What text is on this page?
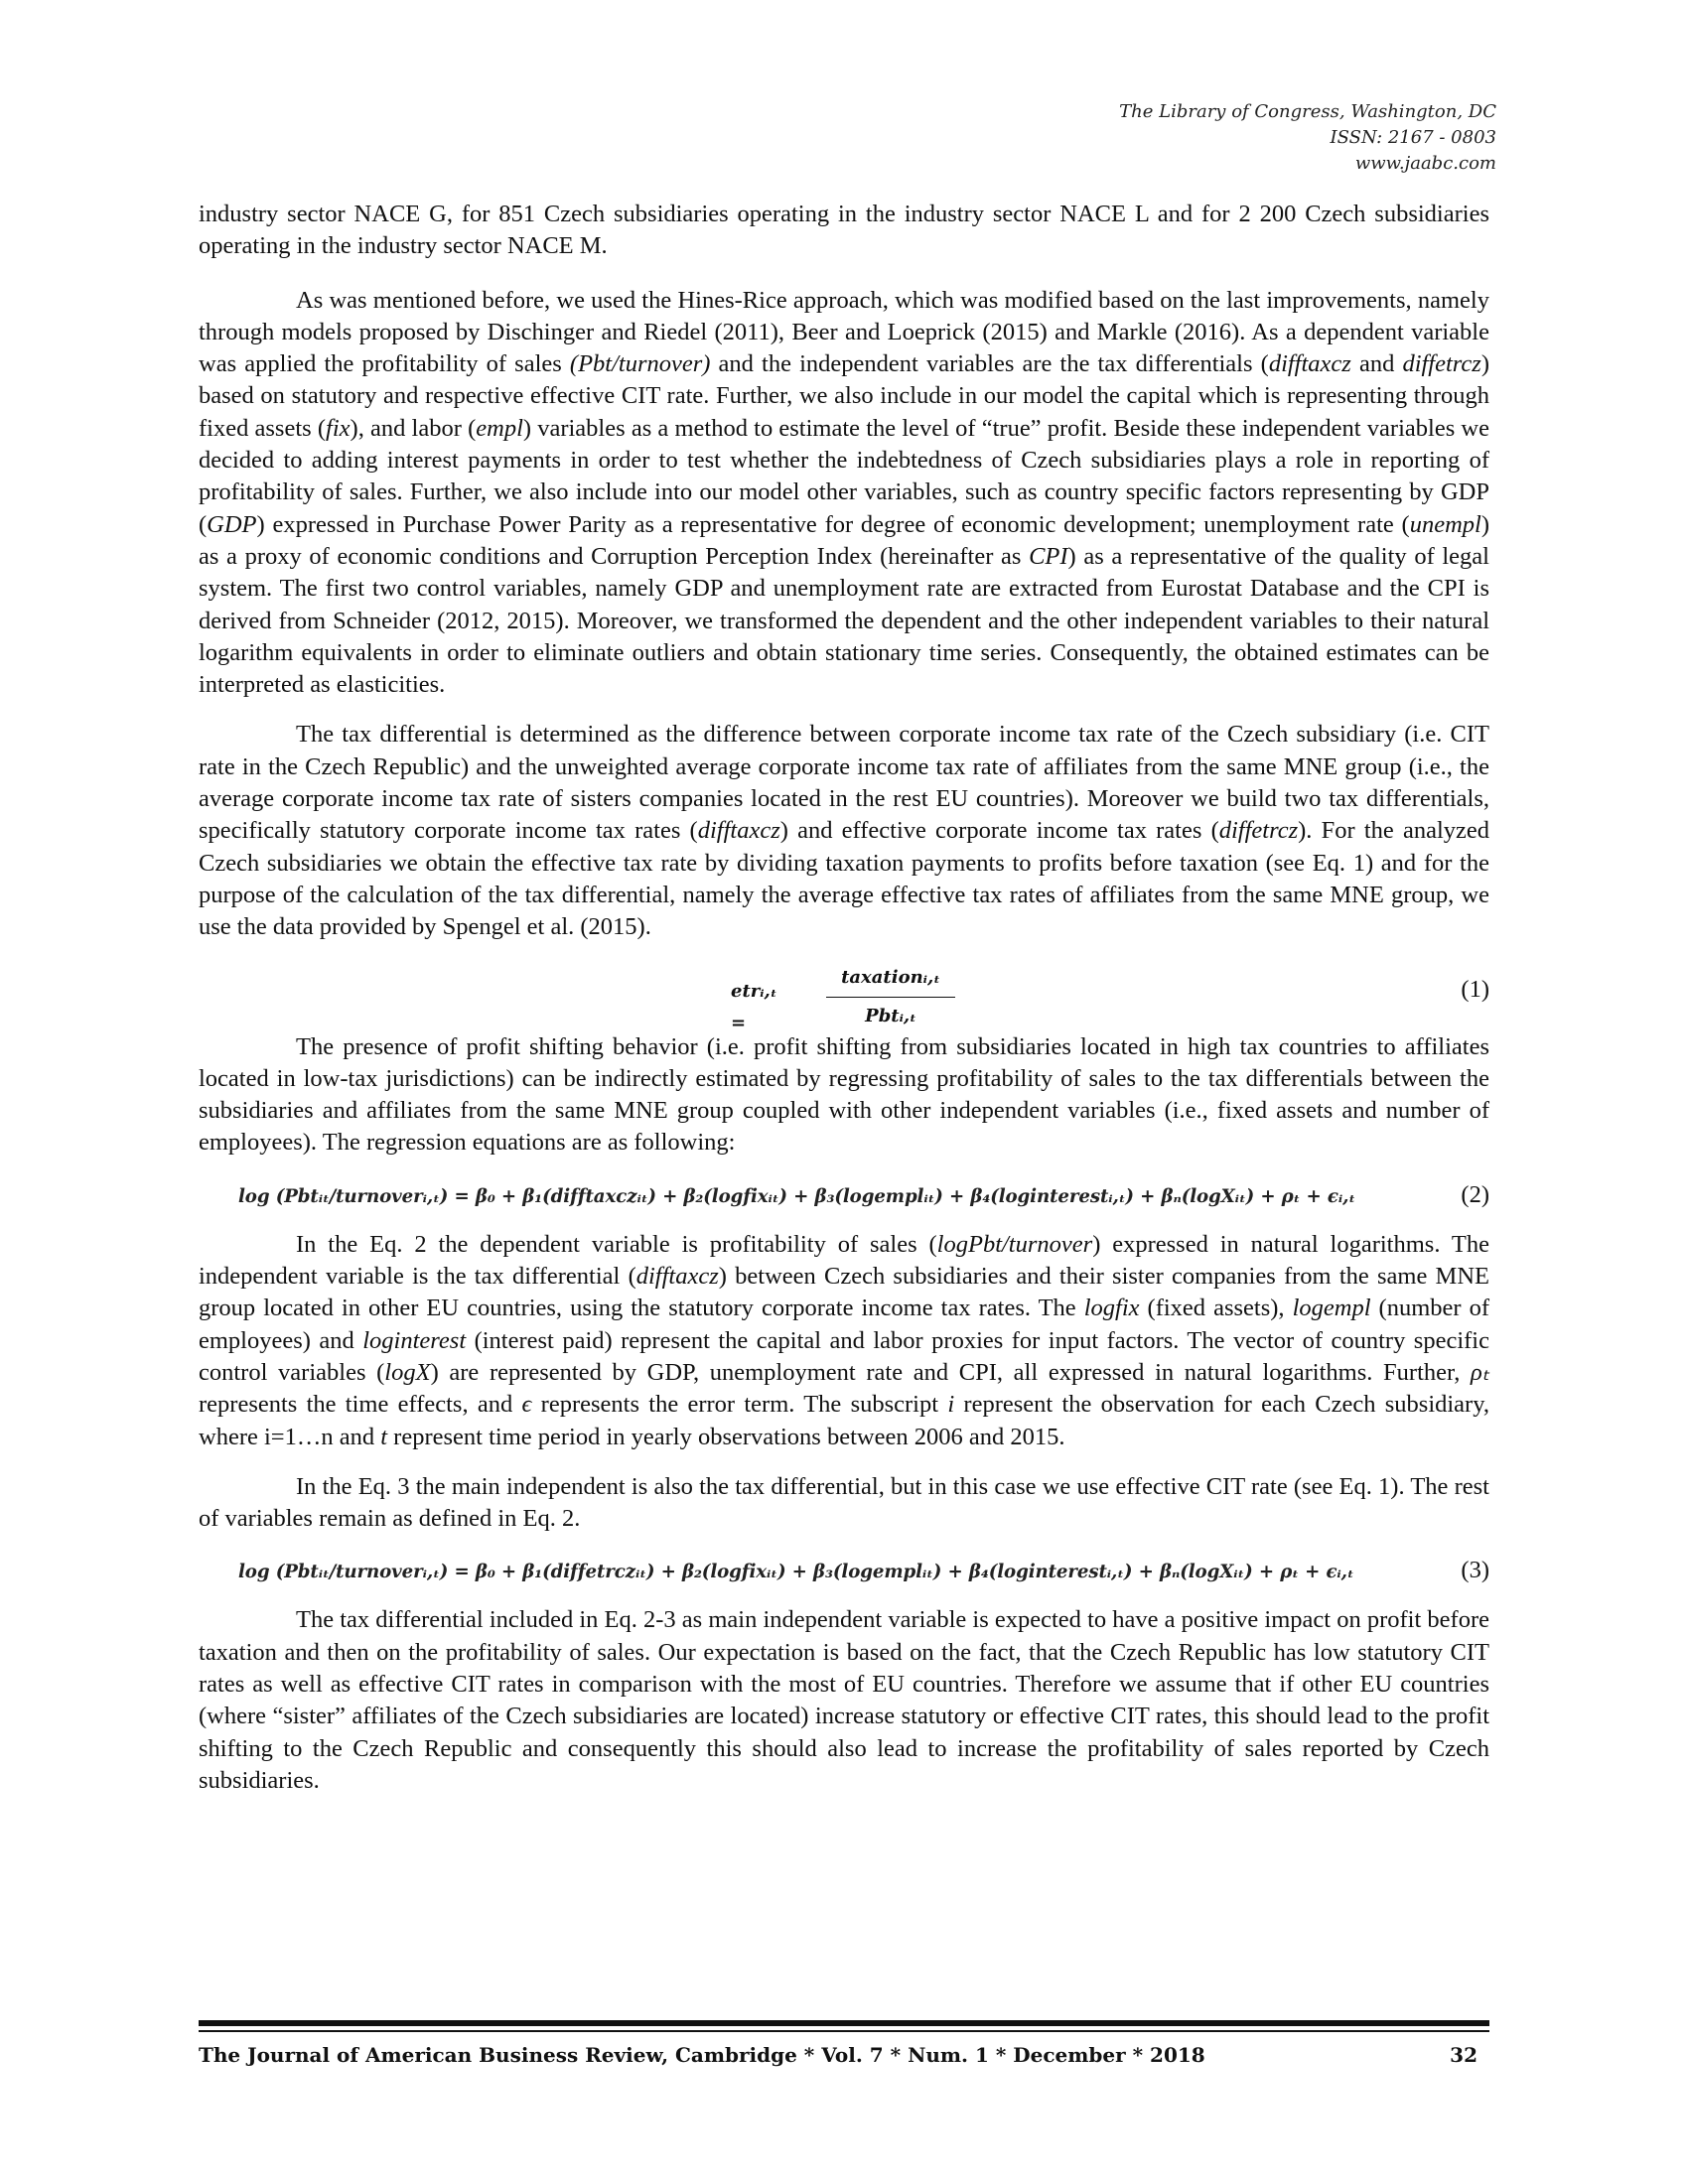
The Library of Congress, Washington, DC
ISSN: 2167 - 0803
www.jaabc.com

industry sector NACE G, for 851 Czech subsidiaries operating in the industry sector NACE L and for 2 200 Czech subsidiaries operating in the industry sector NACE M.

As was mentioned before, we used the Hines-Rice approach, which was modified based on the last improvements, namely through models proposed by Dischinger and Riedel (2011), Beer and Loeprick (2015) and Markle (2016). As a dependent variable was applied the profitability of sales (Pbt/turnover) and the independent variables are the tax differentials (difftaxcz and diffetrcz) based on statutory and respective effective CIT rate. Further, we also include in our model the capital which is representing through fixed assets (fix), and labor (empl) variables as a method to estimate the level of “true” profit. Beside these independent variables we decided to adding interest payments in order to test whether the indebtedness of Czech subsidiaries plays a role in reporting of profitability of sales. Further, we also include into our model other variables, such as country specific factors representing by GDP (GDP) expressed in Purchase Power Parity as a representative for degree of economic development; unemployment rate (unempl) as a proxy of economic conditions and Corruption Perception Index (hereinafter as CPI) as a representative of the quality of legal system. The first two control variables, namely GDP and unemployment rate are extracted from Eurostat Database and the CPI is derived from Schneider (2012, 2015). Moreover, we transformed the dependent and the other independent variables to their natural logarithm equivalents in order to eliminate outliers and obtain stationary time series. Consequently, the obtained estimates can be interpreted as elasticities.

The tax differential is determined as the difference between corporate income tax rate of the Czech subsidiary (i.e. CIT rate in the Czech Republic) and the unweighted average corporate income tax rate of affiliates from the same MNE group (i.e., the average corporate income tax rate of sisters companies located in the rest EU countries). Moreover we build two tax differentials, specifically statutory corporate income tax rates (difftaxcz) and effective corporate income tax rates (diffetrcz). For the analyzed Czech subsidiaries we obtain the effective tax rate by dividing taxation payments to profits before taxation (see Eq. 1) and for the purpose of the calculation of the tax differential, namely the average effective tax rates of affiliates from the same MNE group, we use the data provided by Spengel et al. (2015).

etrᵢ,ₜ =
taxationᵢ,ₜ
Pbtᵢ,ₜ
(1)

The presence of profit shifting behavior (i.e. profit shifting from subsidiaries located in high tax countries to affiliates located in low-tax jurisdictions) can be indirectly estimated by regressing profitability of sales to the tax differentials between the subsidiaries and affiliates from the same MNE group coupled with other independent variables (i.e., fixed assets and number of employees). The regression equations are as following:

log (Pbtᵢₜ/turnoverᵢ,ₜ) = β₀ + β₁(difftaxczᵢₜ) + β₂(logfixᵢₜ) + β₃(logemplᵢₜ) + β₄(loginterestᵢ,ₜ) + βₙ(logXᵢₜ) + ρₜ + ϵᵢ,ₜ	(2)

In the Eq. 2 the dependent variable is profitability of sales (logPbt/turnover) expressed in natural logarithms. The independent variable is the tax differential (difftaxcz) between Czech subsidiaries and their sister companies from the same MNE group located in other EU countries, using the statutory corporate income tax rates. The logfix (fixed assets), logempl (number of employees) and loginterest (interest paid) represent the capital and labor proxies for input factors. The vector of country specific control variables (logX) are represented by GDP, unemployment rate and CPI, all expressed in natural logarithms. Further, ρₜ represents the time effects, and ϵ represents the error term. The subscript i represent the observation for each Czech subsidiary, where i=1…n and t represent time period in yearly observations between 2006 and 2015.

In the Eq. 3 the main independent is also the tax differential, but in this case we use effective CIT rate (see Eq. 1). The rest of variables remain as defined in Eq. 2.

log (Pbtᵢₜ/turnoverᵢ,ₜ) = β₀ + β₁(diffetrczᵢₜ) + β₂(logfixᵢₜ) + β₃(logemplᵢₜ) + β₄(loginterestᵢ,ₜ) + βₙ(logXᵢₜ) + ρₜ + ϵᵢ,ₜ	(3)

The tax differential included in Eq. 2-3 as main independent variable is expected to have a positive impact on profit before taxation and then on the profitability of sales. Our expectation is based on the fact, that the Czech Republic has low statutory CIT rates as well as effective CIT rates in comparison with the most of EU countries. Therefore we assume that if other EU countries (where “sister” affiliates of the Czech subsidiaries are located) increase statutory or effective CIT rates, this should lead to the profit shifting to the Czech Republic and consequently this should also lead to increase the profitability of sales reported by Czech subsidiaries.

The Journal of American Business Review, Cambridge * Vol. 7 * Num. 1 * December * 2018	32
